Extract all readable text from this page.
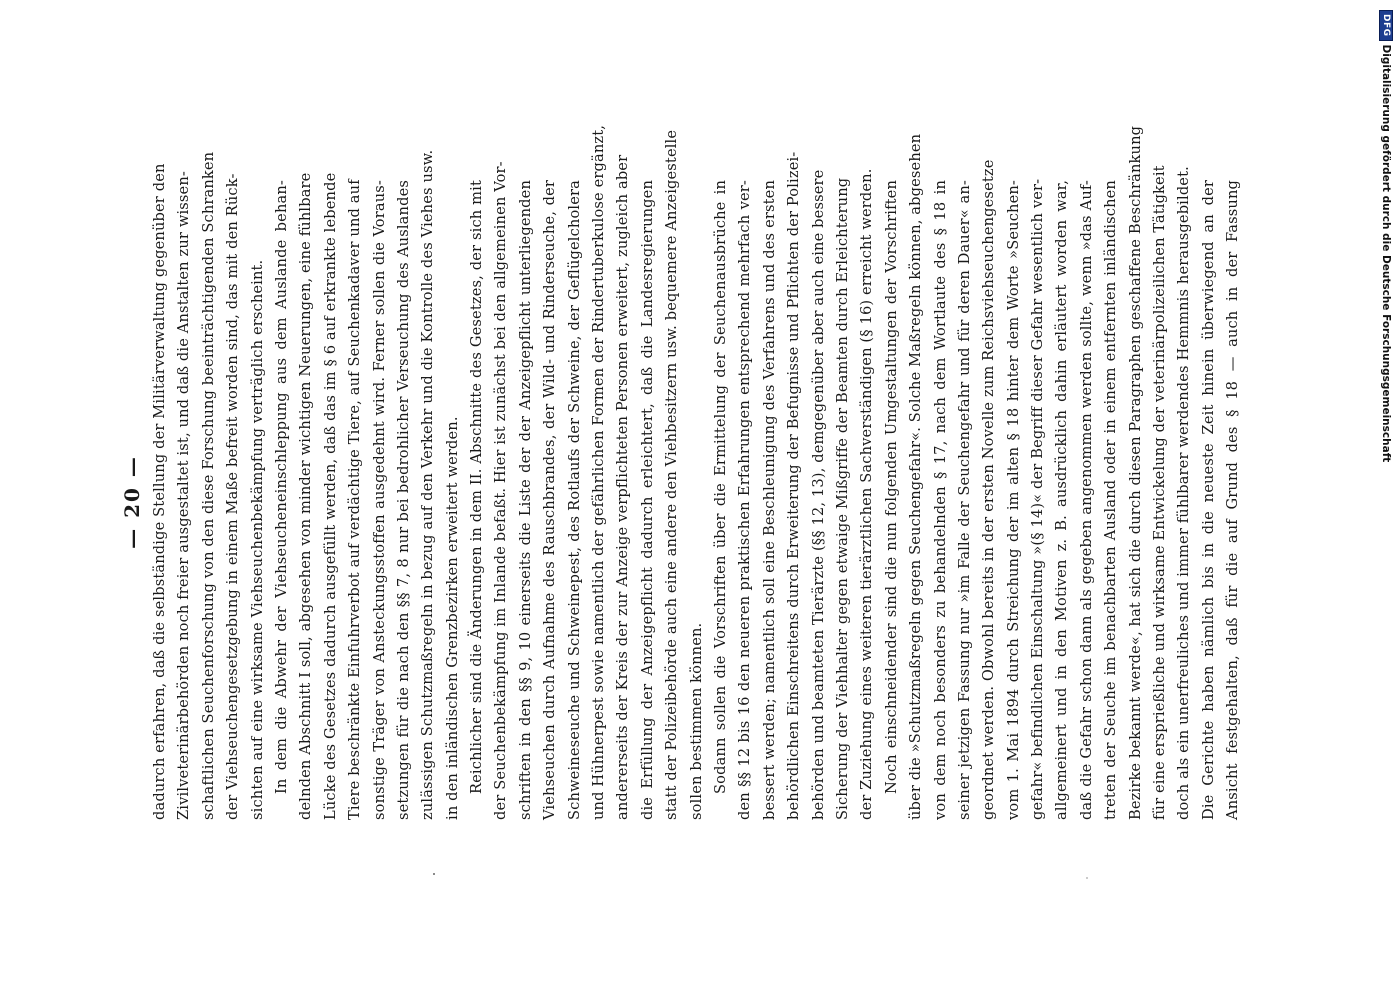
— 20 — dadurch erfahren, daß die selbständige Stellung der Militärverwaltung gegenüber den Zivilveterinärbehörden noch freier ausgestaltet ist, und daß die Anstalten zur wissen- schaftlichen Seuchenforschung von den diese Forschung beeinträchtigenden Schranken der Viehseuchengesetzgebung in einem Maße befreit worden sind, das mit den Rück- sichten auf eine wirksame Viehseuchenbekämpfung verträglich erscheint. In dem die Abwehr der Viehseucheneinschleppung aus dem Auslande behan- delnden Abschnitt I soll, abgesehen von minder wichtigen Neuerungen, eine fühlbare Lücke des Gesetzes dadurch ausgefüllt werden, daß das im § 6 auf erkrankte lebende Tiere beschränkte Einfuhrverbot auf verdächtige Tiere, auf Seuchenkadaver und auf sonstige Träger von Ansteckungsstoffen ausgedehnt wird. Ferner sollen die Voraus- setzungen für die nach den §§ 7, 8 nur bei bedrohlicher Verseuchung des Auslandes zulässigen Schutzmaßregeln in bezug auf den Verkehr und die Kontrolle des Viehes usw. in den inländischen Grenzbezirken erweitert werden. Reichlicher sind die Änderungen in dem II. Abschnitte des Gesetzes, der sich mit der Seuchenbekämpfung im Inlande befaßt. Hier ist zunächst bei den allgemeinen Vor- schriften in den §§ 9, 10 einerseits die Liste der der Anzeigepflicht unterliegenden Viehseuchen durch Aufnahme des Rauschbrandes, der Wild- und Rinderseuche, der Schweineseuche und Schweinepest, des Rotlaufs der Schweine, der Geflügelcholera und Hühnerpest sowie namentlich der gefährlichen Formen der Rindertuberkulose ergänzt, andererseits der Kreis der zur Anzeige verpflichteten Personen erweitert, zugleich aber die Erfüllung der Anzeigepflicht dadurch erleichtert, daß die Landesregierungen statt der Polizeibehörde auch eine andere den Viehbesitzern usw. bequemere Anzeigestelle sollen bestimmen können. Sodann sollen die Vorschriften über die Ermittelung der Seuchenausbrüche in den §§ 12 bis 16 den neueren praktischen Erfahrungen entsprechend mehrfach ver- bessert werden; namentlich soll eine Beschleunigung des Verfahrens und des ersten behördlichen Einschreitens durch Erweiterung der Befugnisse und Pflichten der Polizei- behörden und beamteten Tierärzte (§§ 12, 13), demgegenüber aber auch eine bessere Sicherung der Viehhalter gegen etwaige Mißgriffe der Beamten durch Erleichterung der Zuziehung eines weiteren tierärztlichen Sachverständigen (§ 16) erreicht werden. Noch einschneidender sind die nun folgenden Umgestaltungen der Vorschriften über die »Schutzmaßregeln gegen Seuchengefahr«. Solche Maßregeln können, abgesehen von dem noch besonders zu behandelnden § 17, nach dem Wortlaute des § 18 in seiner jetzigen Fassung nur »im Falle der Seuchengefahr und für deren Dauer« an- geordnet werden. Obwohl bereits in der ersten Novelle zum Reichsviehseuchengesetze vom 1. Mai 1894 durch Streichung der im alten § 18 hinter dem Worte »Seuchen- gefahr« befindlichen Einschaltung »(§ 14)« der Begriff dieser Gefahr wesentlich ver- allgemeinert und in den Motiven z. B. ausdrücklich dahin erläutert worden war, daß die Gefahr schon dann als gegeben angenommen werden sollte, wenn »das Auf- treten der Seuche im benachbarten Ausland oder in einem entfernten inländischen Bezirke bekannt werde«, hat sich die durch diesen Paragraphen geschaffene Beschränkung für eine ersprießliche und wirksame Entwickelung der veterinärpolizeilichen Tätigkeit doch als ein unerfreuliches und immer fühlbarer werdendes Hemmnis herausgebildet. Die Gerichte haben nämlich bis in die neueste Zeit hinein überwiegend an der Ansicht festgehalten, daß für die auf Grund des § 18 — auch in der Fassung
DFG
Digitalisierung gefördert durch die Deutsche Forschungsgemeinschaft
